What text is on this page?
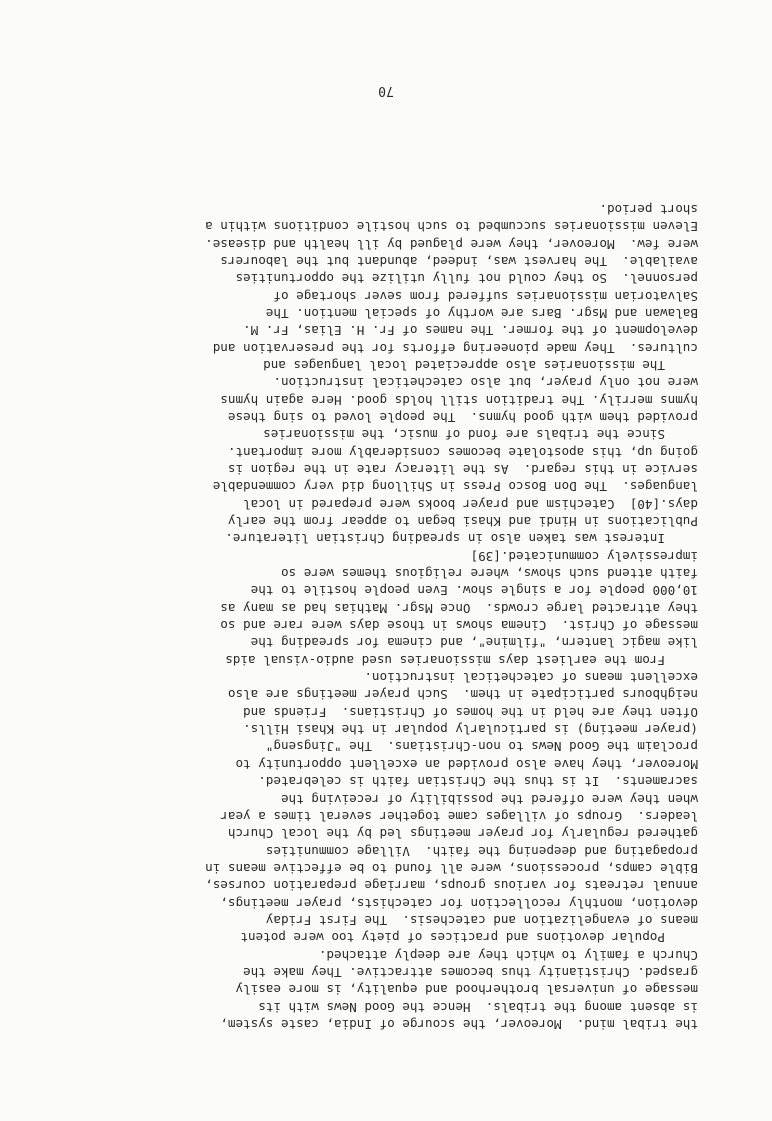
the tribal mind.  Moreover, the scourge of India, caste system,
is absent among the tribals.  Hence the Good News with its
message of universal brotherhood and equality, is more easily
grasped. Christianity thus becomes attractive. They make the
Church a family to which they are deeply attached.
Popular devotions and practices of piety too were potent
means of evangelization and catechesis.  The First Friday
devotion, monthly recollection for catechists, prayer meetings,
annual retreats for various groups, marriage preparation courses,
Bible camps, processions, were all found to be effective means in
propagating and deepening the faith.  Village communities
gathered regularly for prayer meetings led by the local Church
leaders.  Groups of villages came together several times a year
when they were offered the possibility of receiving the
sacraments.  It is thus the Christian faith is celebrated.
Moreover, they have also provided an excellent opportunity to
proclaim the Good News to non-Christians.  The "Jingseng"
(prayer meeting) is particularly popular in the Khasi Hills.
Often they are held in the homes of Christians.  Friends and
neighbours participate in them.  Such prayer meetings are also
excellent means of catechetical instruction.
From the earliest days missionaries used audio-visual aids
like magic lantern, "filmine", and cinema for spreading the
message of Christ.  Cinema shows in those days were rare and so
they attracted large crowds.  Once Msgr. Mathias had as many as
10,000 people for a single show. Even people hostile to the
faith attend such shows, where religious themes were so
impressively communicated.[39]
Interest was taken also in spreading Christian literature.
Publications in Hindi and Khasi began to appear from the early
days.[40]  Catechism and prayer books were prepared in local
languages.  The Don Bosco Press in Shillong did very commendable
service in this regard.  As the literacy rate in the region is
going up, this apostolate becomes considerably more important.
Since the tribals are fond of music, the missionaries
provided them with good hymns.  The people loved to sing these
hymns merrily. The tradition still holds good. Here again hymns
were not only prayer, but also catechetical instruction.
The missionaries also appreciated local languages and
cultures.  They made pioneering efforts for the preservation and
development of the former. The names of Fr. H. Elias, Fr. M.
Balawan and Msgr. Bars are worthy of special mention. The
Salvatorian missionaries suffered from sever shortage of
personnel.  So they could not fully utilize the opportunities
available.  The harvest was, indeed, abundant but the labourers
were few.  Moreover, they were plagued by ill health and disease.
Eleven missionaries succumbed to such hostile conditions within a
short period.
70
